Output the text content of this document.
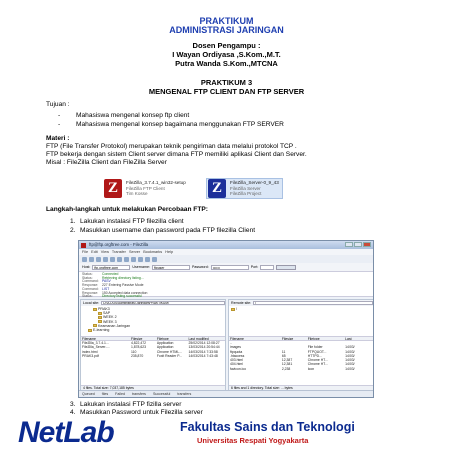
PRAKTIKUM
ADMINISTRASI JARINGAN
Dosen Pengampu :
I Wayan Ordiyasa ,S.Kom.,M.T.
Putra Wanda S.Kom.,MTCNA
PRAKTIKUM 3
MENGENAL FTP CLIENT DAN FTP SERVER
Tujuan :
- Mahasiswa mengenal konsep ftp client
- Mahasiswa mengenal konsep bagaimana menggunakan FTP SERVER
Materi :
FTP (File Transfer Protokol) merupakan teknik pengiriman data melalui protokol TCP .
FTP bekerja dengan sistem Client server dimana FTP memiliki aplikasi Client dan Server.
Misal : FileZilla Client dan FileZilla Server
Z	FileZilla_3.7.4.1_win32-setup
FileZilla FTP Client
Tim Kosse	Z	FileZilla_Server-0_9_43
FileZilla Server
FileZilla Project
Langkah-langkah untuk melakukan Percobaan FTP:
1. Lakukan instalasi FTP filezilla client
2. Masukkan username dan password pada FTP filezilla Client
ftp@ftp.orgftree.com - FileZilla
File Edit View Transfer Server Bookmarks Help
Host:	ftp.orgftree.com	Username:	ftpuser	Password:	••••••	Port:
Status:	Connected
Status:	Retrieving directory listing...
Command: PASV
Response: 227 Entering Passive Mode
Command: LIST
Response: 150 Accepted data connection
Status:	Directory listing successful
Local site:	D:\A.DOS\Administrasi Jaringan\PRAKTIKUM\
PRAK3
SAP
WEEK 2
WEEK 3
Keamanan Jaringan
E-learning
Filename	Filesize	Filetype	Last modified
FileZilla_3.7.4.1...	4,822,472	Application	25/02/2014 12:08:27
FileZilla_Server-...	1,878,623	Application	13/03/2014 20:54:44
index.html	110	Chrome HTML...	14/03/2014 7:33:58
PRAK3.pdf	235,870	Foxit Reader P...	14/03/2014 7:43:48
4 files. Total size: 7,037,185 bytes
Remote site:	/
/
Filename	Filesize	Filetype	Last
..
images	File folder	14/03/
ftpquota	11	FTPQUOT...	14/03/
.htaccess	65	HTTPD...	14/03/
403.html	12,387	Chrome HT...	14/03/
404.html	12,381	Chrome HT...	14/03/
favicon.ico	2,238	Icon	14/03/
6 files and 1 directory. Total size: ... bytes
Queued files Failed transfers Successful transfers
3. Lakukan instalasi FTP fizilla server
4. Masukkan Password untuk Filezilla server
NetLab	Fakultas Sains dan Teknologi
Universitas Respati Yogyakarta
